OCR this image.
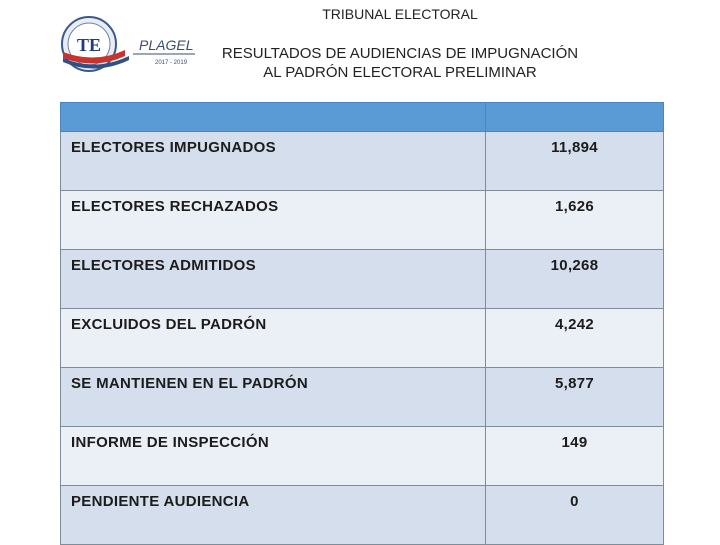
TE	PLAGEL
2017 - 2019
TRIBUNAL ELECTORAL
RESULTADOS DE AUDIENCIAS DE IMPUGNACIÓN
AL PADRÓN ELECTORAL PRELIMINAR

ELECTORES IMPUGNADOS	11,894
ELECTORES RECHAZADOS	1,626
ELECTORES ADMITIDOS	10,268
EXCLUIDOS DEL PADRÓN	4,242
SE MANTIENEN EN EL PADRÓN	5,877
INFORME DE INSPECCIÓN	149
PENDIENTE AUDIENCIA	0
